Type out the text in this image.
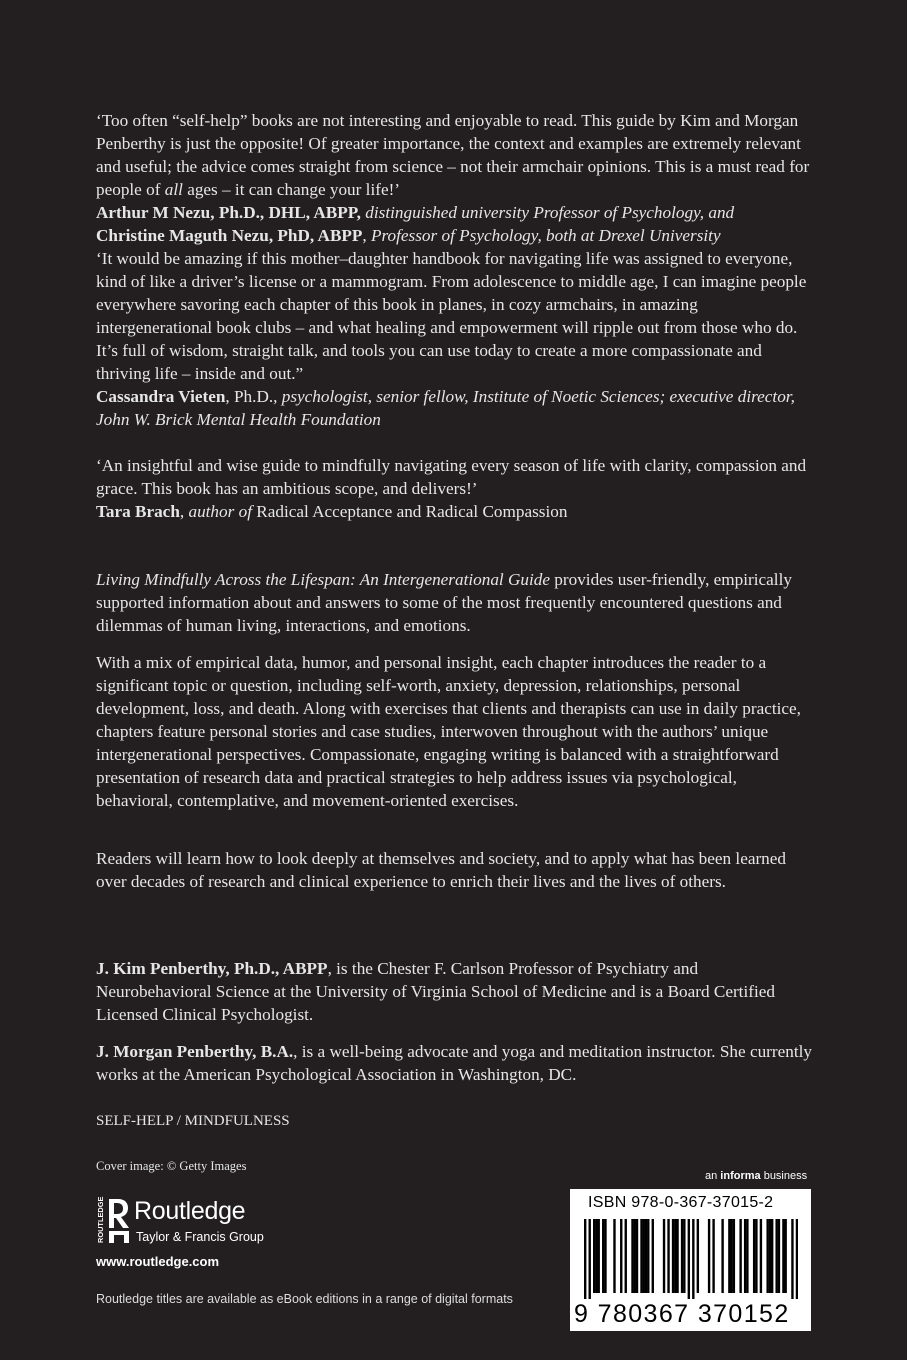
‘Too often “self-help” books are not interesting and enjoyable to read. This guide by Kim and Morgan Penberthy is just the opposite! Of greater importance, the context and examples are extremely relevant and useful; the advice comes straight from science – not their armchair opinions. This is a must read for people of all ages – it can change your life!’

Arthur M Nezu, Ph.D., DHL, ABPP, distinguished university Professor of Psychology, and
Christine Maguth Nezu, PhD, ABPP, Professor of Psychology, both at Drexel University

‘It would be amazing if this mother–daughter handbook for navigating life was assigned to everyone, kind of like a driver’s license or a mammogram. From adolescence to middle age, I can imagine people everywhere savoring each chapter of this book in planes, in cozy armchairs, in amazing intergenerational book clubs – and what healing and empowerment will ripple out from those who do. It’s full of wisdom, straight talk, and tools you can use today to create a more compassionate and thriving life – inside and out.”

Cassandra Vieten, Ph.D., psychologist, senior fellow, Institute of Noetic Sciences; executive director, John W. Brick Mental Health Foundation

‘An insightful and wise guide to mindfully navigating every season of life with clarity, compassion and grace. This book has an ambitious scope, and delivers!’

Tara Brach, author of Radical Acceptance and Radical Compassion

Living Mindfully Across the Lifespan: An Intergenerational Guide provides user-friendly, empirically supported information about and answers to some of the most frequently encountered questions and dilemmas of human living, interactions, and emotions.

With a mix of empirical data, humor, and personal insight, each chapter introduces the reader to a significant topic or question, including self-worth, anxiety, depression, relationships, personal development, loss, and death. Along with exercises that clients and therapists can use in daily practice, chapters feature personal stories and case studies, interwoven throughout with the authors’ unique intergenerational perspectives. Compassionate, engaging writing is balanced with a straightforward presentation of research data and practical strategies to help address issues via psychological, behavioral, contemplative, and movement-oriented exercises.

Readers will learn how to look deeply at themselves and society, and to apply what has been learned over decades of research and clinical experience to enrich their lives and the lives of others.

J. Kim Penberthy, Ph.D., ABPP, is the Chester F. Carlson Professor of Psychiatry and Neurobehavioral Science at the University of Virginia School of Medicine and is a Board Certified Licensed Clinical Psychologist.

J. Morgan Penberthy, B.A., is a well-being advocate and yoga and meditation instructor. She currently works at the American Psychological Association in Washington, DC.

SELF-HELP / MINDFULNESS
Cover image: © Getty Images
an informa business
ROUTLEDGE Routledge
Taylor & Francis Group
www.routledge.com
Routledge titles are available as eBook editions in a range of digital formats
ISBN 978-0-367-37015-2
9 780367 370152
